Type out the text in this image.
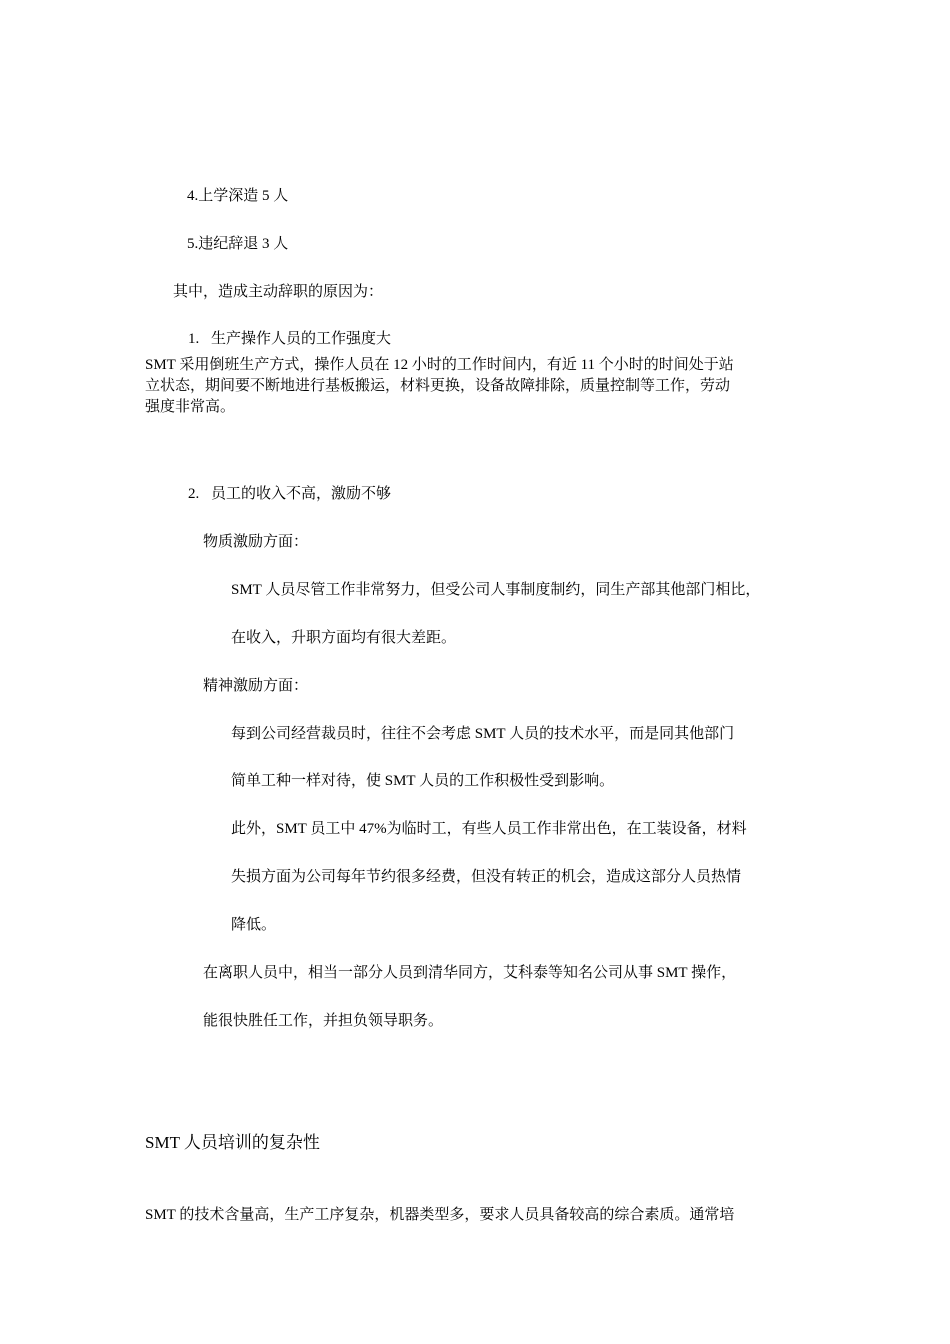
4.上学深造 5 人
5.违纪辞退 3 人
其中，造成主动辞职的原因为：
1. 生产操作人员的工作强度大
SMT 采用倒班生产方式，操作人员在 12 小时的工作时间内，有近 11 个小时的时间处于站
立状态，期间要不断地进行基板搬运，材料更换，设备故障排除，质量控制等工作，劳动
强度非常高。
2. 员工的收入不高，激励不够
物质激励方面：
SMT 人员尽管工作非常努力，但受公司人事制度制约，同生产部其他部门相比，
在收入，升职方面均有很大差距。
精神激励方面：
每到公司经营裁员时，往往不会考虑 SMT 人员的技术水平，而是同其他部门
简单工种一样对待，使 SMT 人员的工作积极性受到影响。
此外，SMT 员工中 47%为临时工，有些人员工作非常出色，在工装设备，材料
失损方面为公司每年节约很多经费，但没有转正的机会，造成这部分人员热情
降低。
在离职人员中，相当一部分人员到清华同方，艾科泰等知名公司从事 SMT 操作，
能很快胜任工作，并担负领导职务。
SMT 人员培训的复杂性
SMT 的技术含量高，生产工序复杂，机器类型多，要求人员具备较高的综合素质。通常培
